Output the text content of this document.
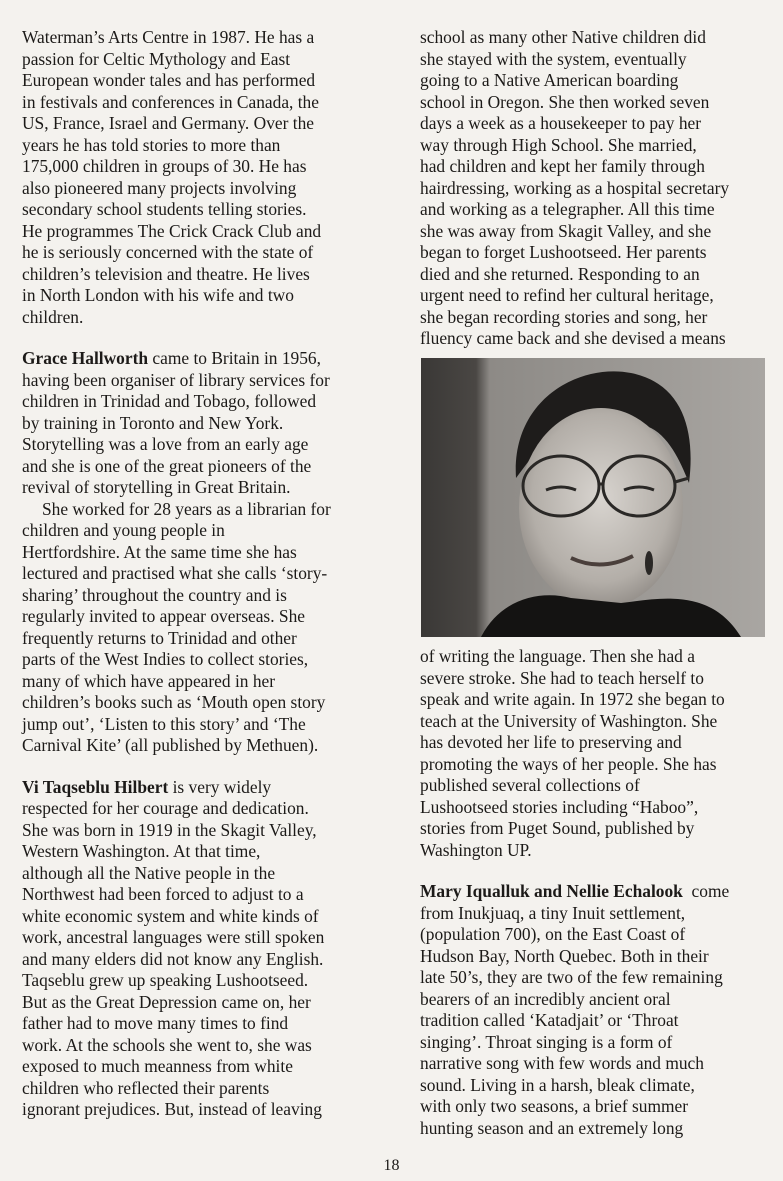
Waterman’s Arts Centre in 1987. He has a
passion for Celtic Mythology and East
European wonder tales and has performed
in festivals and conferences in Canada, the
US, France, Israel and Germany. Over the
years he has told stories to more than
175,000 children in groups of 30. He has
also pioneered many projects involving
secondary school students telling stories.
He programmes The Crick Crack Club and
he is seriously concerned with the state of
children’s television and theatre. He lives
in North London with his wife and two
children.
Grace Hallworth came to Britain in 1956,
having been organiser of library services for
children in Trinidad and Tobago, followed
by training in Toronto and New York.
Storytelling was a love from an early age
and she is one of the great pioneers of the
revival of storytelling in Great Britain.
She worked for 28 years as a librarian for
children and young people in
Hertfordshire. At the same time she has
lectured and practised what she calls ‘story-
sharing’ throughout the country and is
regularly invited to appear overseas. She
frequently returns to Trinidad and other
parts of the West Indies to collect stories,
many of which have appeared in her
children’s books such as ‘Mouth open story
jump out’, ‘Listen to this story’ and ‘The
Carnival Kite’ (all published by Methuen).
Vi Taqseblu Hilbert is very widely
respected for her courage and dedication.
She was born in 1919 in the Skagit Valley,
Western Washington. At that time,
although all the Native people in the
Northwest had been forced to adjust to a
white economic system and white kinds of
work, ancestral languages were still spoken
and many elders did not know any English.
Taqseblu grew up speaking Lushootseed.
But as the Great Depression came on, her
father had to move many times to find
work. At the schools she went to, she was
exposed to much meanness from white
children who reflected their parents
ignorant prejudices. But, instead of leaving
school as many other Native children did
she stayed with the system, eventually
going to a Native American boarding
school in Oregon. She then worked seven
days a week as a housekeeper to pay her
way through High School. She married,
had children and kept her family through
hairdressing, working as a hospital secretary
and working as a telegrapher. All this time
she was away from Skagit Valley, and she
began to forget Lushootseed. Her parents
died and she returned. Responding to an
urgent need to refind her cultural heritage,
she began recording stories and song, her
fluency came back and she devised a means
of writing the language. Then she had a
severe stroke. She had to teach herself to
speak and write again. In 1972 she began to
teach at the University of Washington. She
has devoted her life to preserving and
promoting the ways of her people. She has
published several collections of
Lushootseed stories including “Haboo”,
stories from Puget Sound, published by
Washington UP.
Mary Iqualluk and Nellie Echalook  come
from Inukjuaq, a tiny Inuit settlement,
(population 700), on the East Coast of
Hudson Bay, North Quebec. Both in their
late 50’s, they are two of the few remaining
bearers of an incredibly ancient oral
tradition called ‘Katadjait’ or ‘Throat
singing’. Throat singing is a form of
narrative song with few words and much
sound. Living in a harsh, bleak climate,
with only two seasons, a brief summer
hunting season and an extremely long
18
